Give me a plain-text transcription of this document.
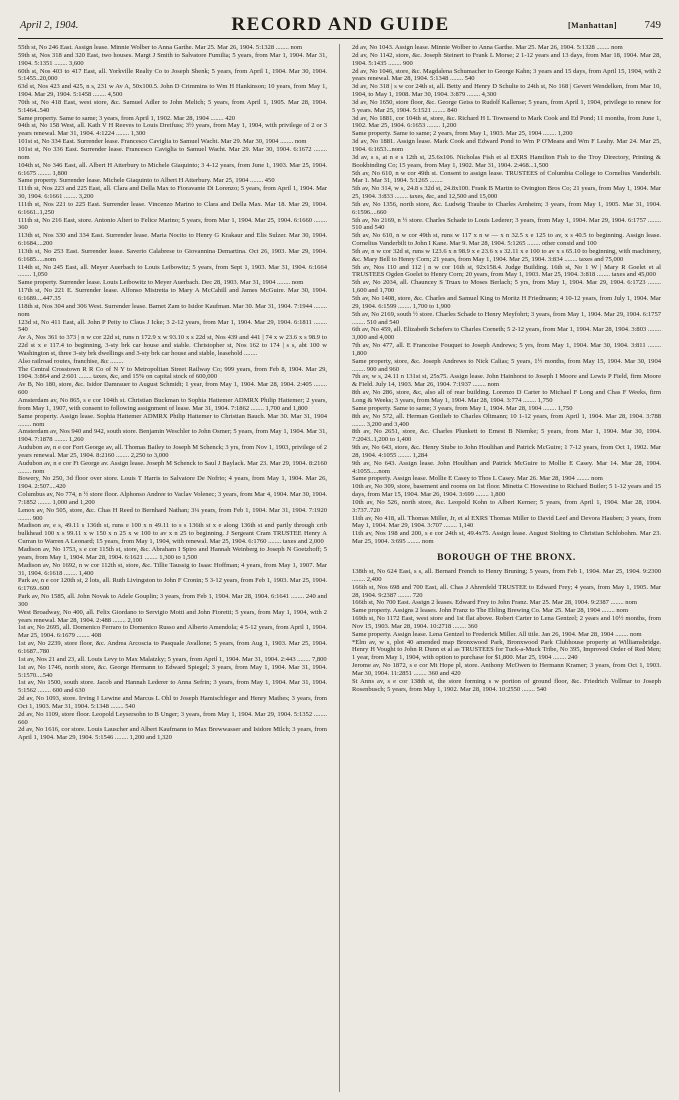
April 2, 1904.	RECORD AND GUIDE	[Manhattan]	749
55th st, No 246 East. Assign lease. Minnie Wolber to Anna Garthe. Mar 25. Mar 26, 1904. 5:1328 ........ nom
59th st, Nos 318 and 320 East, two houses. Margt J Smith to Salvatore Fumilia; 5 years, from Mar 1, 1904. Mar 31, 1904. 5:1351 ........ 3,600
60th st, Nos 403 to 417 East, all. Yorkville Realty Co to Joseph Shenk; 5 years, from April 1, 1904. Mar 30, 1904. 5:1455..20,000
63d st, Nos 423 and 425, n s, 231 w Av A, 50x100.5. John D Crimmins to Wm H Hankinson; 10 years, from May 1, 1904. Mar 29, 1904. 5:1458 ........ 4,500
70th st, No 418 East, west store, &c. Samuel Adler to John Melich; 5 years, from April 1, 1905. Mar 28, 1904. 5:1464..540
Same property. Same to same; 3 years, from April 1, 1902. Mar 28, 1904 ........ 420
94th st, No 158 West, all. Kath V H Reeves to Louis Dreifuss; 3½ years, from May 1, 1904, with privilege of 2 or 3 years renewal. Mar 31, 1904. 4:1224 ........ 1,300
101st st, No 334 East. Surrender lease. Francesco Caviglia to Samuel Wacht. Mar 29. Mar 30, 1904 ........ nom
101st st, No 336 East. Surrender lease. Francesco Caviglia to Samuel Wacht. Mar 29. Mar 30, 1904. 6:1672 ........ nom
104th st, No 346 East, all. Albert H Atterbury to Michele Giaquinto; 3 4-12 years, from June 1, 1903. Mar 25, 1904. 6:1675 ........ 1,800
Same property. Surrender lease. Michele Giaquinto to Albert H Atterbury. Mar 25, 1904 ........ 450
111th st, Nos 223 and 225 East, all. Clara and Della Max to Fioravante Di Lorenzo; 5 years, from April 1, 1904. Mar 30, 1904. 6:1661 ........ 3,200
111th st, Nos 221 to 225 East. Surrender lease. Vincenzo Marino to Clara and Della Max. Mar 18. Mar 29, 1904. 6:1661..1,250
111th st, No 216 East, store. Antonio Alteri to Felice Marino; 5 years, from Mar 1, 1904. Mar 25, 1904. 6:1660 ........ 360
113th st, Nos 330 and 334 East. Surrender lease. Maria Nocito to Henry G Krakaur and Elis Sulzer. Mar 30, 1904. 6:1684....200
113th st, No 253 East. Surrender lease. Saverio Calabrese to Giovannina Demartina. Oct 26, 1903. Mar 29, 1904. 6:1685.....nom
114th st, No 245 East, all. Meyer Auerbach to Louis Leibowitz; 5 years, from Sept 1, 1903. Mar 31, 1904. 6:1664 ........ 1,050
Same property. Surrender lease. Louis Leibowitz to Meyer Auerbach. Dec 28, 1903. Mar 31, 1904 ........ nom
117th st, No 221 E. Surrender lease. Alfonso Mistretta to Mary A McCahill and James McGuire. Mar 30, 1904. 6:1689....447.35
118th st, Nos 304 and 306 West. Surrender lease. Barnet Zam to Isidor Kaufman. Mar 30. Mar 31, 1904. 7:1944 ........ nom
123d st, No 411 East, all. John P Peity to Claus J Icke; 3 2-12 years, from Mar 1, 1904. Mar 29, 1904. 6:1811 ........ 540
Av A, Nos 361 to 373 | n w cor 22d st, runs n 172.9 x w 93.10 x s 22d st, Nos 439 and 441 | 74 x w 23.6 x s 98.9 to 22d st x e 117.4 to beginning, 3-sty brk car house and stable. Christopher st, Nos 162 to 174 | s s, abt 100 w Washington st, three 3-sty brk dwellings and 3-sty brk car house and stable, leasehold ........
Also railroad routes, franchise, &c ........
The Central Crosstown R R Co of N Y to Metropolitan Street Railway Co; 999 years, from Feb 8, 1904. Mar 29, 1904. 3:864 and 2:601 ........ taxes, &c, and 15% on capital stock of 600,000
Av B, No 180, store, &c. Isidor Damrauer to August Schmidt; 1 year, from May 1, 1904. Mar 28, 1904. 2:405 ........ 600
Amsterdam av, No 865, s e cor 104th st. Christian Buckman to Sophia Hattemer ADMRX Philip Hattemer; 2 years, from May 1, 1907, with consent to following assignment of lease. Mar 31, 1904. 7:1862 ........ 1,700 and 1,800
Same property. Assign lease. Sophia Hattemer ADMRX Philip Hattemer to Christian Bauch. Mar 30. Mar 31, 1904 ........ nom
Amsterdam av, Nos 940 and 942, south store. Benjamin Weschler to John Osmer; 5 years, from May 1, 1904. Mar 31, 1904. 7:1878 ........ 1,260
Audubon av, n e cor Fort George av, all. Thomas Bailey to Joseph M Schenck; 3 yrs, from Nov 1, 1903, privilege of 2 years renewal. Mar 25, 1904. 8:2160 ........ 2,250 to 3,000
Audubon av, n e cor Ft George av. Assign lease. Joseph M Schenck to Saul J Baylack. Mar 23. Mar 29, 1904. 8:2160 ........ nom
Bowery, No 250, 3d floor over store. Louis T Harris to Salvatore De Nofrio; 4 years, from May 1, 1904. Mar 26, 1904. 2:507....420
Columbus av, No 774, n ½ store floor. Alphonso Andree to Vaclav Volenec; 3 years, from Mar 4, 1904. Mar 30, 1904. 7:1852 ........ 1,000 and 1,200
Lenox av, No 505, store, &c. Chas H Reed to Bernhard Nathan; 3¼ years, from Feb 1, 1904. Mar 31, 1904. 7:1920 ........ 900
Madison av, e s, 49.11 s 136th st, runs e 100 x n 49.11 to s s 136th st x e along 136th st and partly through crib bulkhead 100 x s 99.11 x w 150 x n 25 x w 100 to av x n 25 to beginning. J Sergeant Cram TRUSTEE Henry A Curran to Warren A Leonard; 15 years, from May 1, 1904, with renewal. Mar 25, 1904. 6:1760 ........ taxes and 2,000
Madison av, No 1753, s e cor 115th st, store, &c. Abraham I Spiro and Hannah Weinberg to Joseph N Goetzhoff; 5 years, from May 1, 1904. Mar 28, 1904. 6:1621 ........ 1,300 to 1,500
Madison av, No 1692, n w cor 112th st, store, &c. Tillie Taussig to Isaac Hoffman; 4 years, from May 1, 1907. Mar 31, 1904. 6:1618 ........ 1,400
Park av, n e cor 120th st, 2 lots, all. Ruth Livingston to John F Cronin; 5 3-12 years, from Feb 1, 1903. Mar 25, 1904. 6:1769..600
Park av, No 1585, all. John Novak to Adele Gouplin; 3 years, from Feb 1, 1904. Mar 28, 1904. 6:1641 ........ 240 and 300
West Broadway, No 400, all. Felix Giordano to Servigio Motti and John Fioretti; 5 years, from May 1, 1904, with 2 years renewal. Mar 28, 1904. 2:488 ........ 2,100
1st av, No 2695, all. Domenico Ferraro to Domenico Russo and Alberto Amendola; 4 5-12 years, from April 1, 1904. Mar 25, 1904. 6:1679 ........ 408
1st av, No 2239, store floor, &c. Andrea Arcoscia to Pasquale Avallone; 5 years, from Aug 1, 1903. Mar 25, 1904. 6:1687..780
1st av, Nos 21 and 23, all. Louis Levy to Max Malatzky; 5 years, from April 1, 1904. Mar 31, 1904. 2:443 ........ 7,800
1st av, No 1746, north store, &c. George Hermann to Edward Spiegel; 3 years, from May 1, 1904. Mar 31, 1904. 5:1570....540
1st av, No 1500, south store. Jacob and Hannah Lederer to Anna Sefrin; 3 years, from May 1, 1904. Mar 31, 1904. 5:1562 ........ 600 and 630
2d av, No 1093, store. Irving I Lewine and Marcus L Ohl to Joseph Hamischfeger and Henry Mathes; 3 years, from Oct 1, 1903. Mar 31, 1904. 5:1348 ........ 540
2d av, No 1109, store floor. Leopold Leysersohn to B Unger; 3 years, from May 1, 1904. Mar 29, 1904. 5:1352 ........ 660
2d av, No 1616, cor store. Louis Lauscher and Albert Kaufmann to Max Brewwasser and Isidore Milch; 3 years, from April 1, 1904. Mar 29, 1904. 5:1546 ........ 1,200 and 1,320
2d av, No 1043. Assign lease. Minnie Wolber to Anna Garthe. Mar 25. Mar 26, 1904. 5:1328 ........ nom
2d av, No 1142, store, &c. Joseph Steinert to Frank L Morse; 2 1-12 years and 13 days, from Mar 18, 1904. Mar 28, 1904. 5:1435 ........ 900
2d av, No 1046, store, &c. Magdalena Schumacher to George Kahn; 3 years and 15 days, from April 15, 1904, with 2 years renewal. Mar 28, 1904. 5:1348 ........ 540
3d av, No 318 | s w cor 24th st, all. Betty and Henry D Schulte to 24th st, No 168 | Gevert Wendelken, from Mar 10, 1904, to May 1, 1908. Mar 30, 1904. 3:879 ........ 4,300
3d av, No 1650, store floor, &c. George Geiss to Rudolf Kallense; 5 years, from April 1, 1904, privilege to renew for 5 years. Mar 25, 1904. 5:1521 ........ 840
3d av, No 1881, cor 104th st, store, &c. Richard H L Townsend to Mark Cook and Ed Pond; 11 months, from June 1, 1902. Mar 25, 1904. 6:1653 ........ 1,200
Same property. Same to same; 2 years, from May 1, 1903. Mar 25, 1904 ........ 1,200
3d av, No 1881. Assign lease. Mark Cook and Edward Pond to Wm P O'Meara and Wm F Leahy. Mar 24. Mar 25, 1904. 6:1653...nom
3d av, s s, at n e s 12th st, 25.6x106. Nicholas Fish et al EXRS Hamilton Fish to the Troy Directory, Printing & Bookbinding Co; 15 years, from May 1, 1902. Mar 31, 1904. 2:468...1,500
5th av, No 610, n w cor 49th st. Consent to assign lease. TRUSTEES of Columbia College to Cornelius Vanderbilt. Mar 1. Mar 31, 1904. 5:1265 ........
5th av, No 314, w s, 24.8 s 32d st, 24.8x100. Frank B Martin to Ovington Bros Co; 21 years, from May 1, 1904. Mar 25, 1904. 3:833 ........ taxes, &c, and 12,500 and 15,000
5th av, No 1356, north store, &c. Ludwig Traube to Charles Arnheim; 3 years, from May 1, 1905. Mar 31, 1904. 6:1596....660
5th av, No 2169, n ½ store. Charles Schade to Louis Lederer; 3 years, from May 1, 1904. Mar 29, 1904. 6:1757 ........ 510 and 540
5th av, No 610, n w cor 49th st, runs w 117 x n w — x n 32.5 x e 125 to av, x s 40.5 to beginning. Assign lease. Cornelius Vanderbilt to John I Kane. Mar 9. Mar 28, 1904. 5:1265 ........ other consid and 100
5th av, n w cor 32d st, runs w 123.6 x n 98.9 x e 23.6 x s 32.11 x e 100 to av x s 65.10 to beginning, with machinery, &c. Mary Bell to Henry Corn; 21 years, from May 1, 1904. Mar 25, 1904. 3:834 ........ taxes and 75,000
5th av, Nos 110 and 112 | n w cor 16th st, 92x158.4. Judge Building. 16th st, No 1 W | Mary R Goelet et al TRUSTEES Ogden Goelet to Henry Corn; 20 years, from May 1, 1903. Mar 25, 1904. 3:818 ........ taxes and 45,000
5th av, No 2034, all. Chauncey S Truax to Moses Berlach; 5 yrs, from May 1, 1904. Mar 29, 1904. 6:1723 ........ 1,600 and 1,700
5th av, No 1408, store, &c. Charles and Samuel King to Moritz H Friedmann; 4 10-12 years, from July 1, 1904. Mar 29, 1904. 6:1599 ........ 1,700 to 1,900
5th av, No 2169, south ½ store. Charles Schade to Henry Meyfohrt; 3 years, from May 1, 1904. Mar 29, 1904. 6:1757 ........ 510 and 540
6th av, No 459, all. Elizabeth Schefers to Charles Corneth; 5 2-12 years, from Mar 1, 1904. Mar 28, 1904. 3:803 ........ 3,000 and 4,000
7th av, No 477, all. E Francoise Fouquet to Joseph Andrews; 5 yrs, from May 1, 1904. Mar 30, 1904. 3:811 ........ 1,800
Same property, store, &c. Joseph Andrews to Nick Calias; 5 years, 1½ months, from May 15, 1904. Mar 30, 1904 ........ 900 and 960
7th av, w s, 24.11 n 131st st, 25x75. Assign lease. John Hainhorst to Joseph I Moore and Lewis P Field, firm Moore & Field. July 14, 1903. Mar 26, 1904. 7:1937 ........ nom
8th av, No 286, store, &c, also all of rear building. Lorenzo D Carter to Michael F Long and Chas F Weeks, firm Long & Weeks; 3 years, from May 1, 1904. Mar 28, 1904. 3:774 ........ 1,750
Same property. Same to same; 3 years, from May 1, 1904. Mar 28, 1904 ........ 1,750
8th av, No 572, all. Herman Gottlieb to Charles Oltmann; 10 1-12 years, from April 1, 1904. Mar 28, 1904. 3:788 ........ 3,200 and 3,400
8th av, No 2651, store, &c. Charles Plunkett to Ernest B Niemke; 5 years, from Mar 1, 1904. Mar 30, 1904. 7:2043..1,200 to 1,400
9th av, No 643, store, &c. Henry Stube to John Houlihan and Patrick McGuire; 1 7-12 years, from Oct 1, 1902. Mar 28, 1904. 4:1055 ........ 1,284
9th av, No 643. Assign lease. John Houlihan and Patrick McGuire to Mollie E Casey. Mar 14. Mar 28, 1904. 4:1055.....nom
Same property. Assign lease. Mollie E Casey to Thos L Casey. Mar 26. Mar 28, 1904 ........ nom
10th av, No 309, store, basement and rooms on 1st floor. Minetta C Howestine to Richard Butler; 5 1-12 years and 15 days, from Mar 15, 1904. Mar 26, 1904. 3:699 ........ 1,800
10th av, No 526, north store, &c. Leopold Kohn to Albert Kerner; 5 years, from April 1, 1904. Mar 28, 1904. 3:737..720
11th av, No 418, all. Thomas Miller, Jr, et al EXRS Thomas Miller to David Leef and Devora Hauben; 3 years, from May 1, 1904. Mar 29, 1904. 3:707 ........ 1,140
11th av, Nos 198 and 200, s e cor 24th st, 49.4x75. Assign lease. August Stolting to Christian Schlobohm. Mar 23. Mar 25, 1904. 3:695 ........ nom
BOROUGH OF THE BRONX.
138th st, No 624 East, s s, all. Bernard French to Henry Bruning; 5 years, from Feb 1, 1904. Mar 25, 1904. 9:2300 ........ 2,400
166th st, Nos 698 and 700 East, all. Chas J Ahrenfeld TRUSTEE to Edward Frey; 4 years, from May 1, 1905. Mar 28, 1904. 9:2387 ........ 720
166th st, No 700 East. Assign 2 leases. Edward Frey to John Franz. Mar 25. Mar 28, 1904. 9:2387 ........ nom
Same property. Assigns 2 leases. John Franz to The Ebling Brewing Co. Mar 25. Mar 28, 1904 ........ nom
169th st, No 1172 East, west store and 1st flat above. Robert Carter to Lena Gentzel; 2 years and 10½ months, from Nov 15, 1903. Mar 28, 1904. 10:2718 ........ 360
Same property. Assign lease. Lena Gentzel to Frederick Miller. All title. Jan 26, 1904. Mar 28, 1904 ........ nom
*Elm av, w s, plot 40 amended map Bronxwood Park, Bronxwood Park Clubhouse property at Williamsbridge. Henry H Vought to John R Dunn et al as TRUSTEES for Tuck-a-Muck Tribe, No 395, Improved Order of Red Men; 1 year, from May 1, 1904, with option to purchase for $1,800. Mar 25, 1904 ........ 240
Jerome av, No 1872, s e cor Mt Hope pl, store. Anthony McOwen to Hermann Kramer; 3 years, from Oct 1, 1903. Mar 30, 1904. 11:2851 ........ 360 and 420
St Anns av, s e cor 138th st, the store forming s w portion of ground floor, &c. Friedrich Vollmar to Joseph Rosenbusch; 5 years, from May 1, 1902. Mar 28, 1904. 10:2550 ........ 540
